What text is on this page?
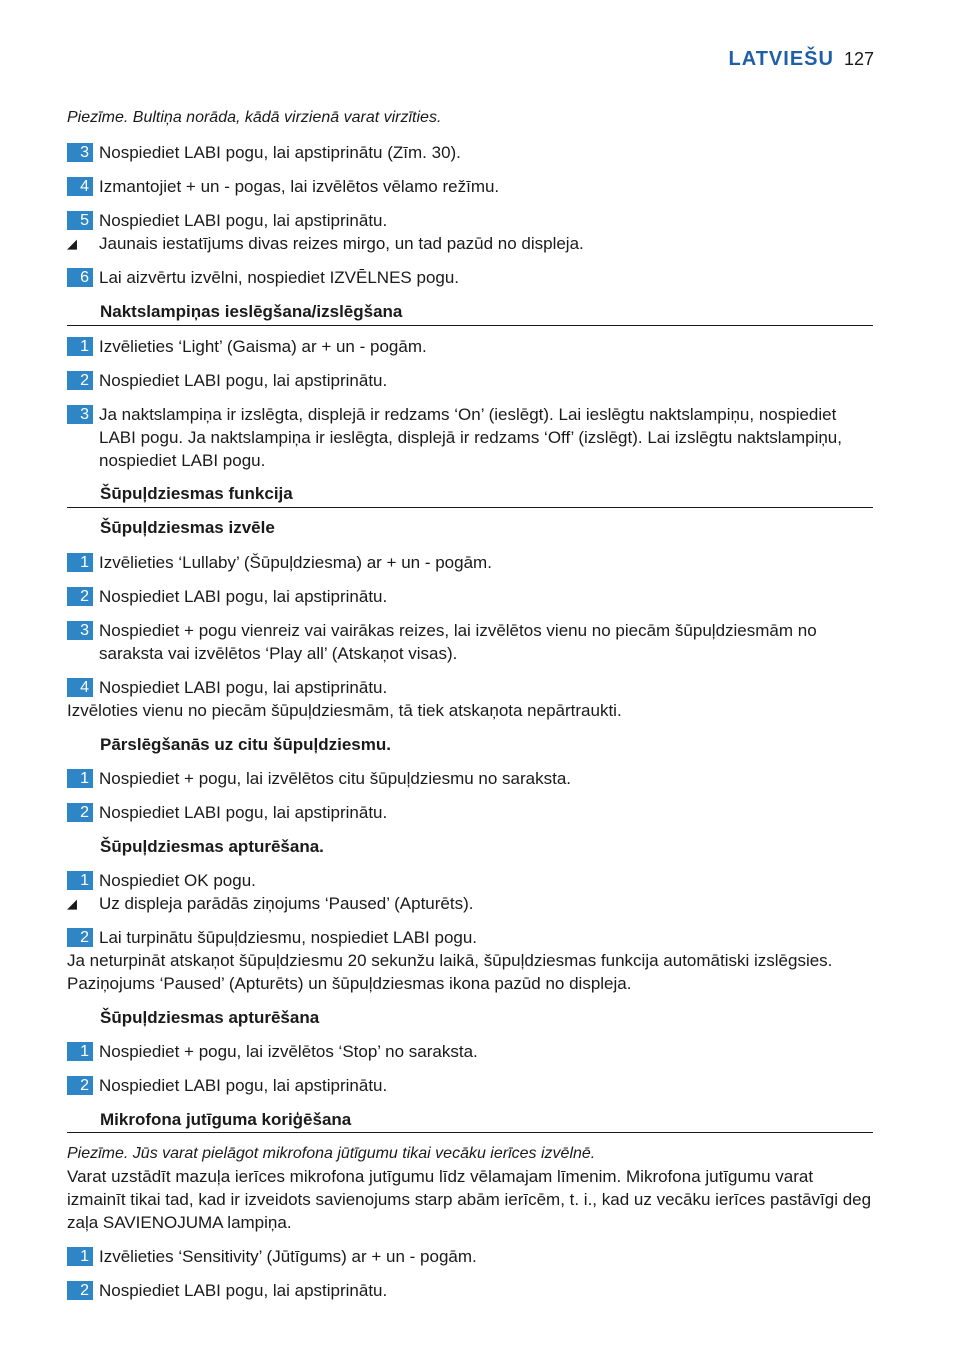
LATVIEŠU 127
Piezīme. Bultiņa norāda, kādā virzienā varat virzīties.
3 Nospiediet LABI pogu, lai apstiprinātu (Zīm. 30).
4 Izmantojiet + un - pogas, lai izvēlētos vēlamo režīmu.
5 Nospiediet LABI pogu, lai apstiprinātu.
◢	Jaunais iestatījums divas reizes mirgo, un tad pazūd no displeja.
6 Lai aizvērtu izvēlni, nospiediet IZVĒLNES pogu.
Naktslampiņas ieslēgšana/izslēgšana
1 Izvēlieties ‘Light’ (Gaisma) ar + un - pogām.
2 Nospiediet LABI pogu, lai apstiprinātu.
3 Ja naktslampiņa ir izslēgta, displejā ir redzams ‘On’ (ieslēgt). Lai ieslēgtu naktslampiņu, nospiediet LABI pogu. Ja naktslampiņa ir ieslēgta, displejā ir redzams ‘Off’ (izslēgt). Lai izslēgtu naktslampiņu, nospiediet LABI pogu.
Šūpuļdziesmas funkcija
Šūpuļdziesmas izvēle
1 Izvēlieties ‘Lullaby’ (Šūpuļdziesma) ar + un - pogām.
2 Nospiediet LABI pogu, lai apstiprinātu.
3 Nospiediet + pogu vienreiz vai vairākas reizes, lai izvēlētos vienu no piecām šūpuļdziesmām no saraksta vai izvēlētos ‘Play all’ (Atskaņot visas).
4 Nospiediet LABI pogu, lai apstiprinātu.
Izvēloties vienu no piecām šūpuļdziesmām, tā tiek atskaņota nepārtraukti.
Pārslēgšanās uz citu šūpuļdziesmu.
1 Nospiediet + pogu, lai izvēlētos citu šūpuļdziesmu no saraksta.
2 Nospiediet LABI pogu, lai apstiprinātu.
Šūpuļdziesmas apturēšana.
1 Nospiediet OK pogu.
◢	Uz displeja parādās ziņojums ‘Paused’ (Apturēts).
2 Lai turpinātu šūpuļdziesmu, nospiediet LABI pogu.
Ja neturpināt atskaņot šūpuļdziesmu 20 sekunžu laikā, šūpuļdziesmas funkcija automātiski izslēgsies. Paziņojums ‘Paused’ (Apturēts) un šūpuļdziesmas ikona pazūd no displeja.
Šūpuļdziesmas apturēšana
1 Nospiediet + pogu, lai izvēlētos ‘Stop’ no saraksta.
2 Nospiediet LABI pogu, lai apstiprinātu.
Mikrofona jutīguma koriģēšana
Piezīme. Jūs varat pielāgot mikrofona jūtīgumu tikai vecāku ierīces izvēlnē.
Varat uzstādīt mazuļa ierīces mikrofona jutīgumu līdz vēlamajam līmenim. Mikrofona jutīgumu varat izmainīt tikai tad, kad ir izveidots savienojums starp abām ierīcēm, t. i., kad uz vecāku ierīces pastāvīgi deg zaļa SAVIENOJUMA lampiņa.
1 Izvēlieties ‘Sensitivity’ (Jūtīgums) ar + un - pogām.
2 Nospiediet LABI pogu, lai apstiprinātu.
